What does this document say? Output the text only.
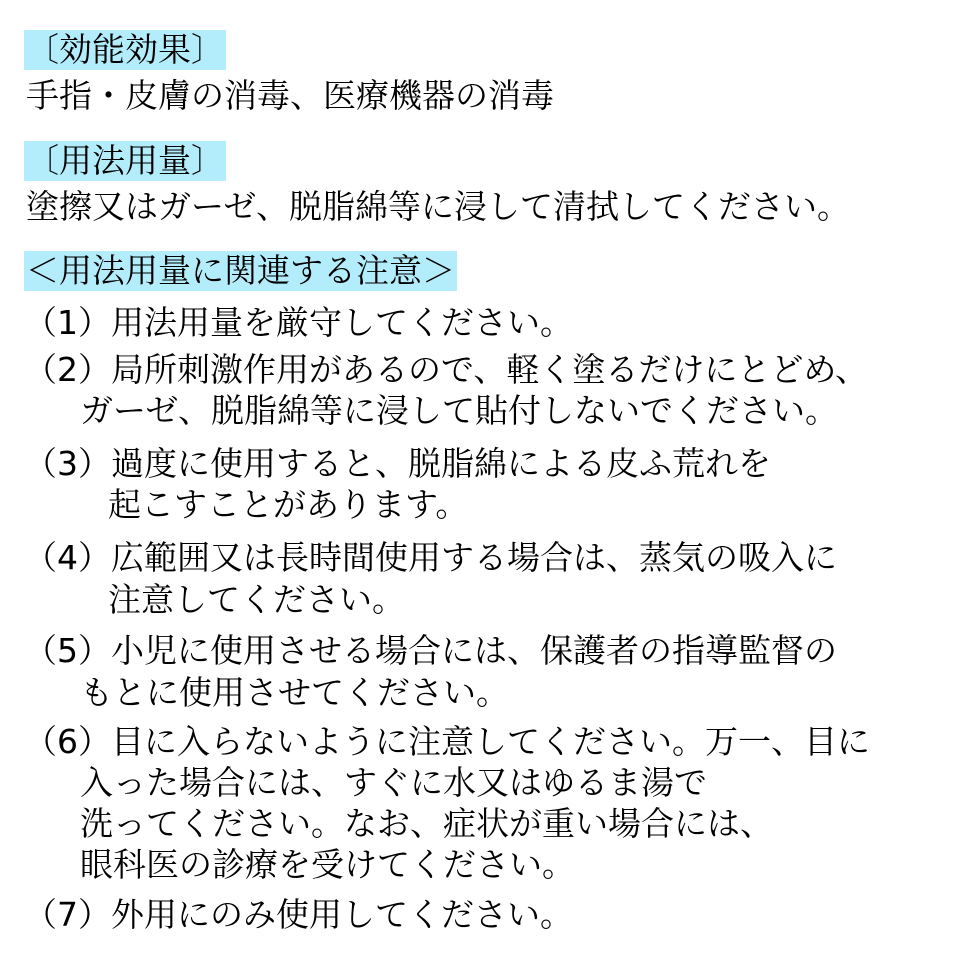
〔効能効果〕
手指・皮膚の消毒、医療機器の消毒
〔用法用量〕
塗擦又はガーゼ、脱脂綿等に浸して清拭してください。
＜用法用量に関連する注意＞
（1）用法用量を厳守してください。
（2）局所刺激作用があるので、軽く塗るだけにとどめ、
ガーゼ、脱脂綿等に浸して貼付しないでください。
（3）過度に使用すると、脱脂綿による皮ふ荒れを
起こすことがあります。
（4）広範囲又は長時間使用する場合は、蒸気の吸入に
注意してください。
（5）小児に使用させる場合には、保護者の指導監督の
もとに使用させてください。
（6）目に入らないように注意してください。万一、目に
入った場合には、すぐに水又はゆるま湯で
洗ってください。なお、症状が重い場合には、
眼科医の診療を受けてください。
（7）外用にのみ使用してください。
